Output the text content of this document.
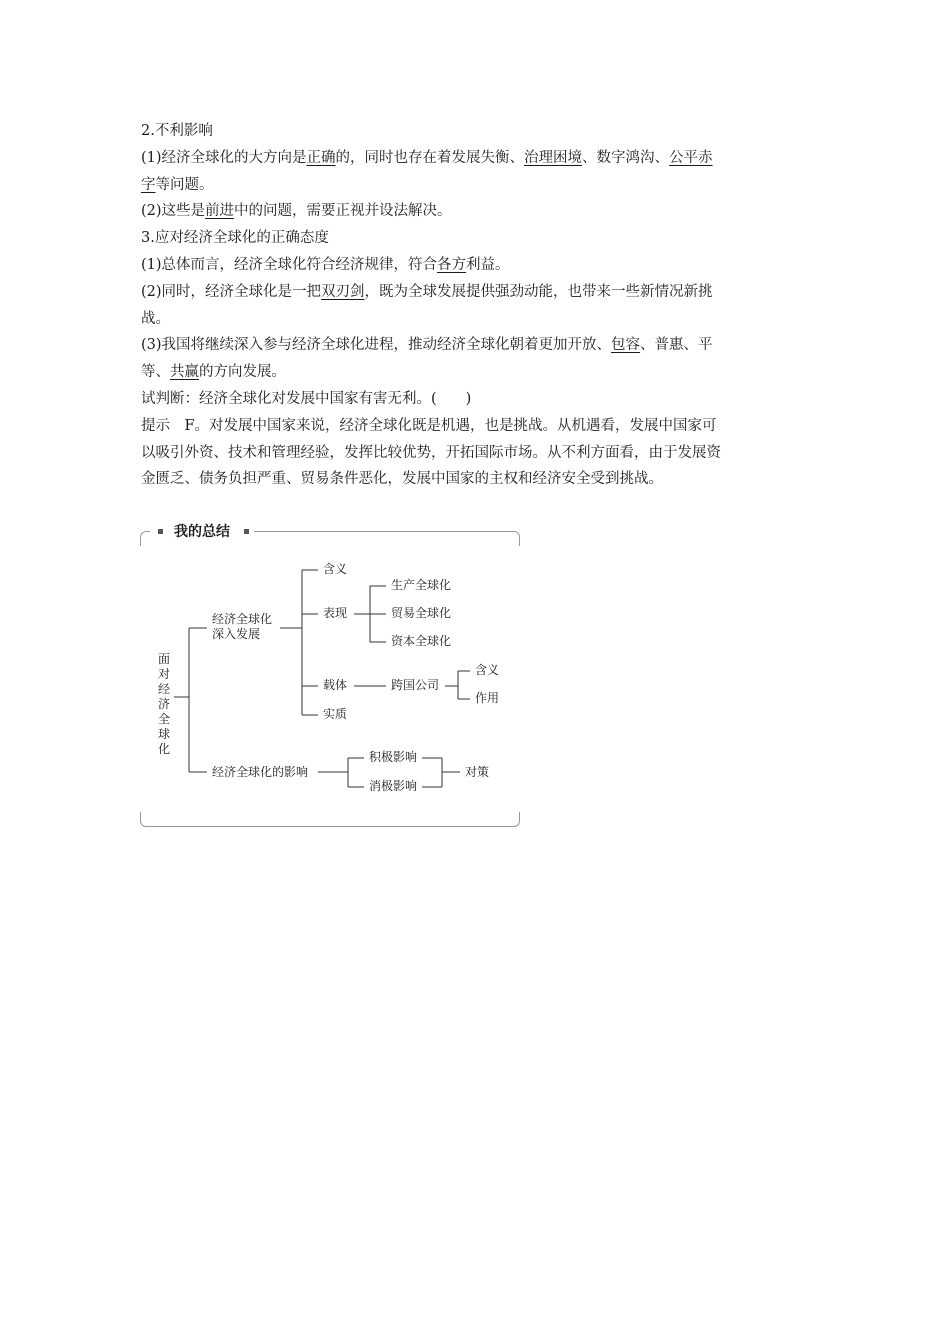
2.不利影响
(1)经济全球化的大方向是正确的，同时也存在着发展失衡、治理困境、数字鸿沟、公平赤
字等问题。
(2)这些是前进中的问题，需要正视并设法解决。
3.应对经济全球化的正确态度
(1)总体而言，经济全球化符合经济规律，符合各方利益。
(2)同时，经济全球化是一把双刃剑，既为全球发展提供强劲动能，也带来一些新情况新挑
战。
(3)我国将继续深入参与经济全球化进程，推动经济全球化朝着更加开放、包容、普惠、平
等、共赢的方向发展。
试判断：经济全球化对发展中国家有害无利。(　　)
提示　F。对发展中国家来说，经济全球化既是机遇，也是挑战。从机遇看，发展中国家可
以吸引外资、技术和管理经验，发挥比较优势，开拓国际市场。从不利方面看，由于发展资
金匮乏、债务负担严重、贸易条件恶化，发展中国家的主权和经济安全受到挑战。
我的总结
面对经济全球化
经济全球化
深入发展
含义
表现
生产全球化
贸易全球化
资本全球化
载体	跨国公司
含义
作用
实质
经济全球化的影响
积极影响
消极影响
对策
